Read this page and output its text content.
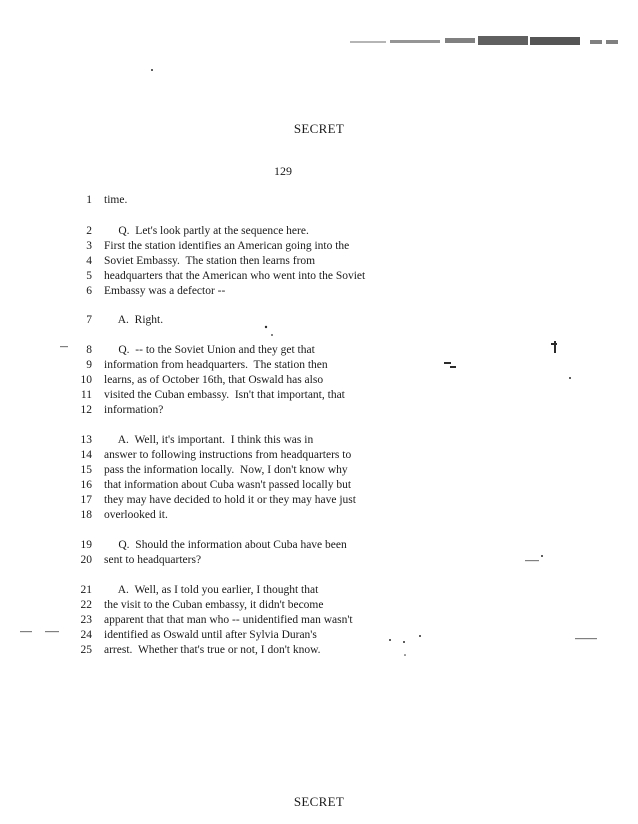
SECRET
129
1 time.
2 Q.  Let's look partly at the sequence here.
3 First the station identifies an American going into the
4 Soviet Embassy.  The station then learns from
5 headquarters that the American who went into the Soviet
6 Embassy was a defector --
7 A.  Right.
8 Q.  -- to the Soviet Union and they get that
9 information from headquarters.  The station then
10 learns, as of October 16th, that Oswald has also
11 visited the Cuban embassy.  Isn't that important, that
12 information?
13 A.  Well, it's important.  I think this was in
14 answer to following instructions from headquarters to
15 pass the information locally.  Now, I don't know why
16 that information about Cuba wasn't passed locally but
17 they may have decided to hold it or they may have just
18 overlooked it.
19 Q.  Should the information about Cuba have been
20 sent to headquarters?
21 A.  Well, as I told you earlier, I thought that
22 the visit to the Cuban embassy, it didn't become
23 apparent that that man who -- unidentified man wasn't
24 identified as Oswald until after Sylvia Duran's
25 arrest.  Whether that's true or not, I don't know.
SECRET
